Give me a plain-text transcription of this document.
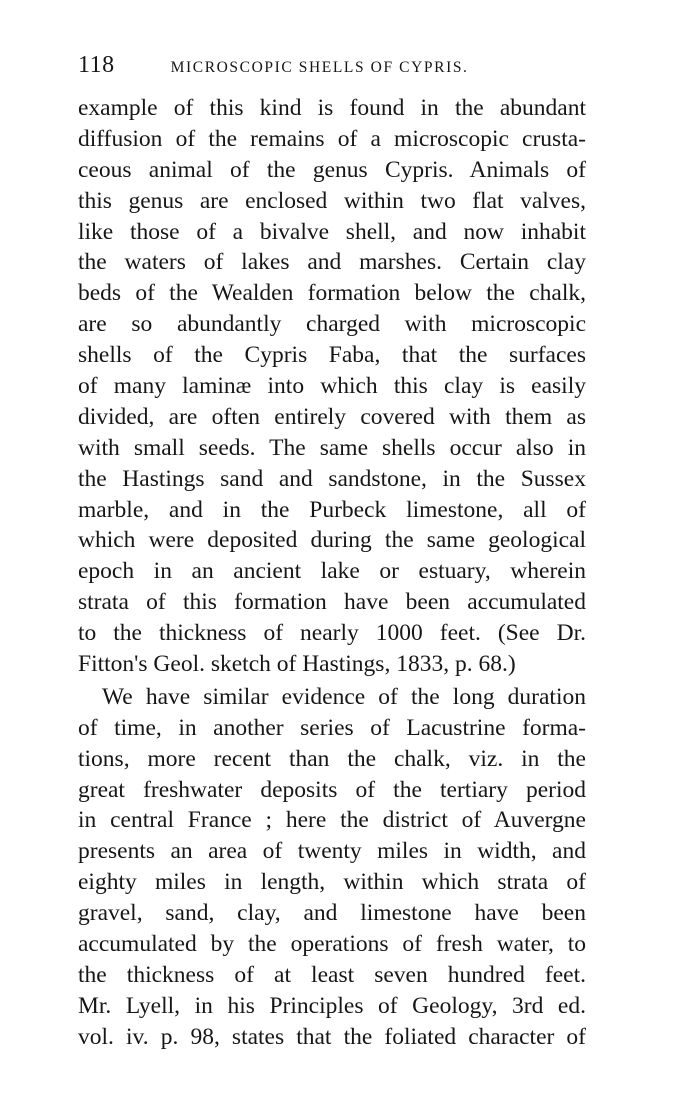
118	MICROSCOPIC SHELLS OF CYPRIS.
example of this kind is found in the abundant
diffusion of the remains of a microscopic crusta-
ceous animal of the genus Cypris. Animals of
this genus are enclosed within two flat valves,
like those of a bivalve shell, and now inhabit
the waters of lakes and marshes. Certain clay
beds of the Wealden formation below the chalk,
are so abundantly charged with microscopic
shells of the Cypris Faba, that the surfaces
of many laminæ into which this clay is easily
divided, are often entirely covered with them as
with small seeds. The same shells occur also in
the Hastings sand and sandstone, in the Sussex
marble, and in the Purbeck limestone, all of
which were deposited during the same geological
epoch in an ancient lake or estuary, wherein
strata of this formation have been accumulated
to the thickness of nearly 1000 feet. (See Dr.
Fitton's Geol. sketch of Hastings, 1833, p. 68.)
We have similar evidence of the long duration
of time, in another series of Lacustrine forma-
tions, more recent than the chalk, viz. in the
great freshwater deposits of the tertiary period
in central France ; here the district of Auvergne
presents an area of twenty miles in width, and
eighty miles in length, within which strata of
gravel, sand, clay, and limestone have been
accumulated by the operations of fresh water, to
the thickness of at least seven hundred feet.
Mr. Lyell, in his Principles of Geology, 3rd ed.
vol. iv. p. 98, states that the foliated character of
